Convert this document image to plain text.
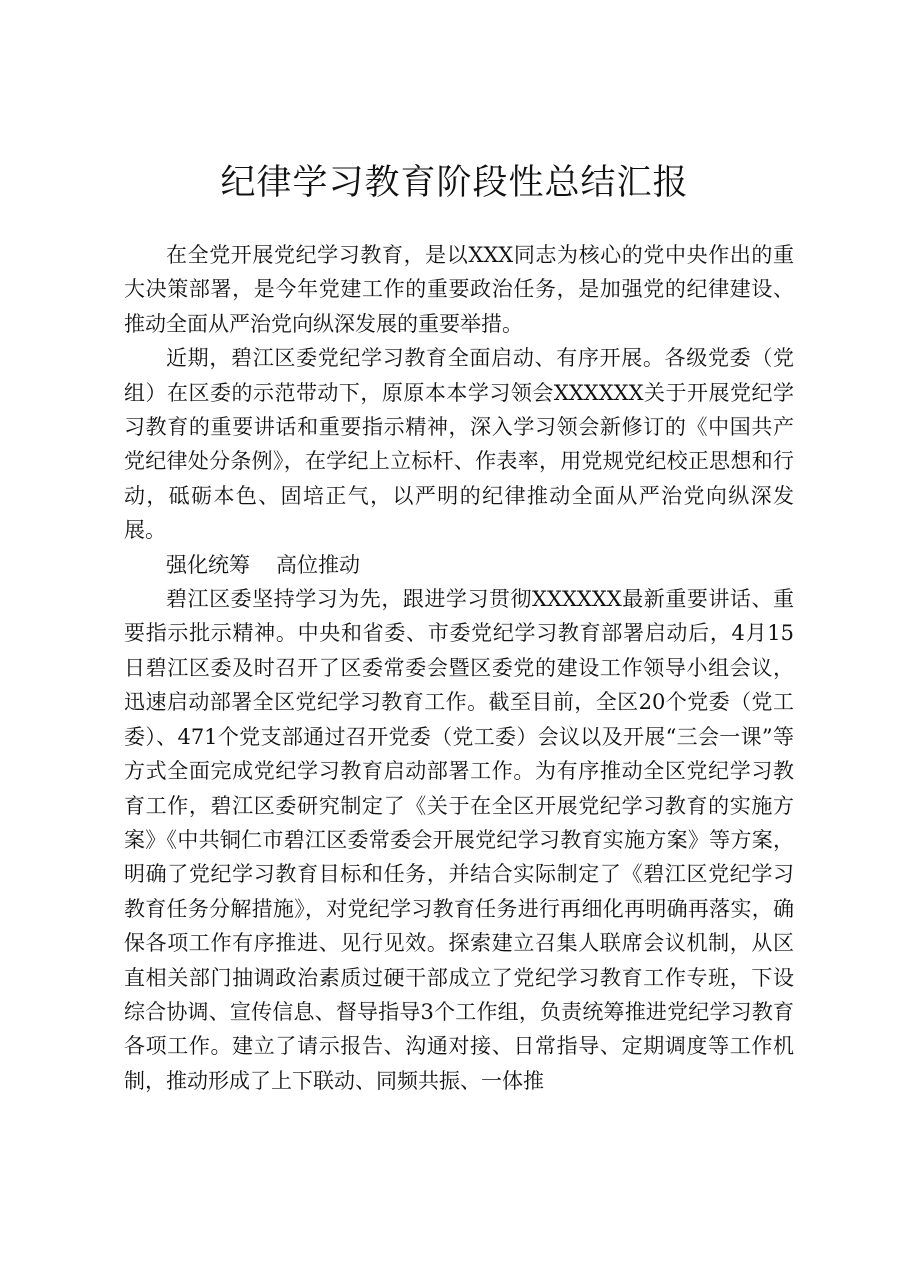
纪律学习教育阶段性总结汇报

在全党开展党纪学习教育，是以XXX同志为核心的党中央作出的重大决策部署，是今年党建工作的重要政治任务，是加强党的纪律建设、推动全面从严治党向纵深发展的重要举措。

近期，碧江区委党纪学习教育全面启动、有序开展。各级党委（党组）在区委的示范带动下，原原本本学习领会XXXXXX关于开展党纪学习教育的重要讲话和重要指示精神，深入学习领会新修订的《中国共产党纪律处分条例》，在学纪上立标杆、作表率，用党规党纪校正思想和行动，砥砺本色、固培正气，以严明的纪律推动全面从严治党向纵深发展。

强化统筹 高位推动

碧江区委坚持学习为先，跟进学习贯彻XXXXXX最新重要讲话、重要指示批示精神。中央和省委、市委党纪学习教育部署启动后，4月15日碧江区委及时召开了区委常委会暨区委党的建设工作领导小组会议，迅速启动部署全区党纪学习教育工作。截至目前，全区20个党委（党工委）、471个党支部通过召开党委（党工委）会议以及开展“三会一课”等方式全面完成党纪学习教育启动部署工作。为有序推动全区党纪学习教育工作，碧江区委研究制定了《关于在全区开展党纪学习教育的实施方案》《中共铜仁市碧江区委常委会开展党纪学习教育实施方案》等方案，明确了党纪学习教育目标和任务，并结合实际制定了《碧江区党纪学习教育任务分解措施》，对党纪学习教育任务进行再细化再明确再落实，确保各项工作有序推进、见行见效。探索建立召集人联席会议机制，从区直相关部门抽调政治素质过硬干部成立了党纪学习教育工作专班，下设综合协调、宣传信息、督导指导3个工作组，负责统筹推进党纪学习教育各项工作。建立了请示报告、沟通对接、日常指导、定期调度等工作机制，推动形成了上下联动、同频共振、一体推
